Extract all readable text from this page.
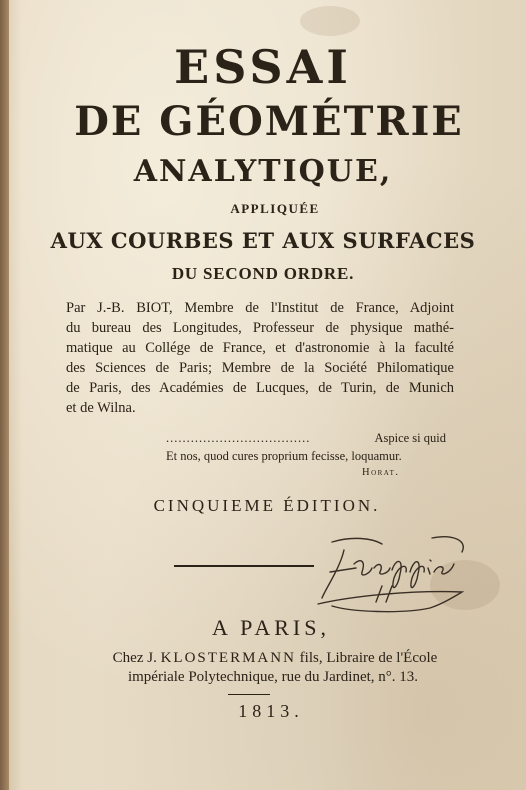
ESSAI
DE GÉOMÉTRIE
ANALYTIQUE,
APPLIQUÉE
AUX COURBES ET AUX SURFACES
DU SECOND ORDRE.
Par J.-B. BIOT, Membre de l'Institut de France, Adjoint
du bureau des Longitudes, Professeur de physique mathé-
matique au Collége de France, et d'astronomie à la faculté
des Sciences de Paris; Membre de la Société Philomatique
de Paris, des Académies de Lucques, de Turin, de Munich
et de Wilna.
...................................	Aspice si quid
Et nos, quod cures proprium fecisse, loquamur.
Horat.
CINQUIEME ÉDITION.
A PARIS,
Chez J. KLOSTERMANN fils, Libraire de l'École
impériale Polytechnique, rue du Jardinet, n°. 13.
1813.
